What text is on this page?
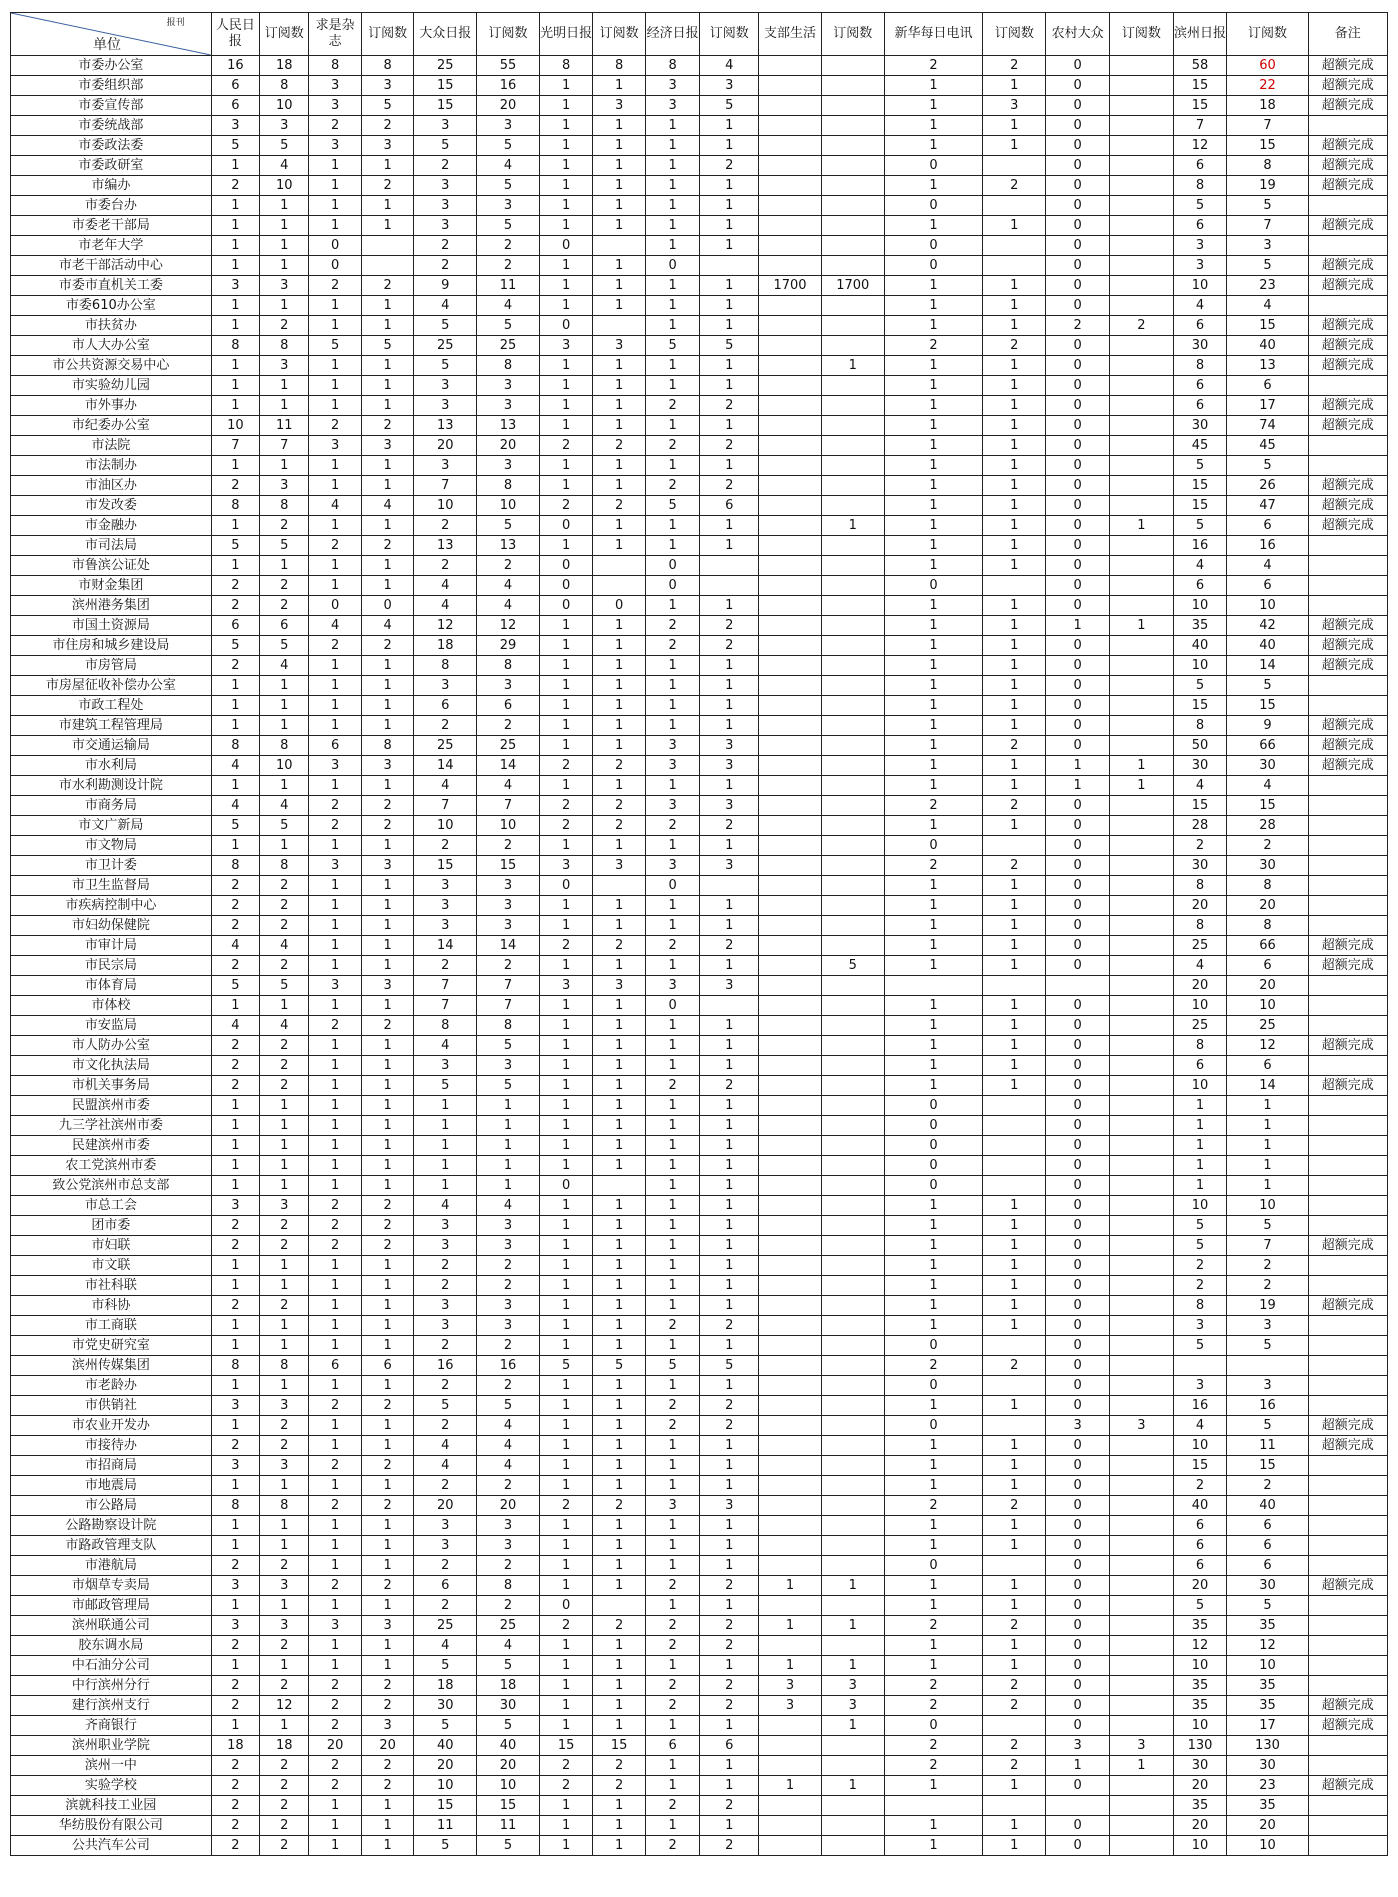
报刊
单位	人民日报	订阅数	求是杂志	订阅数	大众日报	订阅数	光明日报	订阅数	经济日报	订阅数	支部生活	订阅数	新华每日电讯	订阅数	农村大众	订阅数	滨州日报	订阅数	备注
市委办公室	16	18	8	8	25	55	8	8	8	4			2	2	0		58	60	超额完成
市委组织部	6	8	3	3	15	16	1	1	3	3			1	1	0		15	22	超额完成
市委宣传部	6	10	3	5	15	20	1	3	3	5			1	3	0		15	18	超额完成
市委统战部	3	3	2	2	3	3	1	1	1	1			1	1	0		7	7	
市委政法委	5	5	3	3	5	5	1	1	1	1			1	1	0		12	15	超额完成
市委政研室	1	4	1	1	2	4	1	1	1	2			0		0		6	8	超额完成
市编办	2	10	1	2	3	5	1	1	1	1			1	2	0		8	19	超额完成
市委台办	1	1	1	1	3	3	1	1	1	1			0		0		5	5	
市委老干部局	1	1	1	1	3	5	1	1	1	1			1	1	0		6	7	超额完成
市老年大学	1	1	0		2	2	0		1	1			0		0		3	3	
市老干部活动中心	1	1	0		2	2	1	1	0				0		0		3	5	超额完成
市委市直机关工委	3	3	2	2	9	11	1	1	1	1	1700	1700	1	1	0		10	23	超额完成
市委610办公室	1	1	1	1	4	4	1	1	1	1			1	1	0		4	4	
市扶贫办	1	2	1	1	5	5	0		1	1			1	1	2	2	6	15	超额完成
市人大办公室	8	8	5	5	25	25	3	3	5	5			2	2	0		30	40	超额完成
市公共资源交易中心	1	3	1	1	5	8	1	1	1	1		1	1	1	0		8	13	超额完成
市实验幼儿园	1	1	1	1	3	3	1	1	1	1			1	1	0		6	6	
市外事办	1	1	1	1	3	3	1	1	2	2			1	1	0		6	17	超额完成
市纪委办公室	10	11	2	2	13	13	1	1	1	1			1	1	0		30	74	超额完成
市法院	7	7	3	3	20	20	2	2	2	2			1	1	0		45	45	
市法制办	1	1	1	1	3	3	1	1	1	1			1	1	0		5	5	
市油区办	2	3	1	1	7	8	1	1	2	2			1	1	0		15	26	超额完成
市发改委	8	8	4	4	10	10	2	2	5	6			1	1	0		15	47	超额完成
市金融办	1	2	1	1	2	5	0	1	1	1		1	1	1	0	1	5	6	超额完成
市司法局	5	5	2	2	13	13	1	1	1	1			1	1	0		16	16	
市鲁滨公证处	1	1	1	1	2	2	0		0				1	1	0		4	4	
市财金集团	2	2	1	1	4	4	0		0				0		0		6	6	
滨州港务集团	2	2	0	0	4	4	0	0	1	1			1	1	0		10	10	
市国土资源局	6	6	4	4	12	12	1	1	2	2			1	1	1	1	35	42	超额完成
市住房和城乡建设局	5	5	2	2	18	29	1	1	2	2			1	1	0		40	40	超额完成
市房管局	2	4	1	1	8	8	1	1	1	1			1	1	0		10	14	超额完成
市房屋征收补偿办公室	1	1	1	1	3	3	1	1	1	1			1	1	0		5	5	
市政工程处	1	1	1	1	6	6	1	1	1	1			1	1	0		15	15	
市建筑工程管理局	1	1	1	1	2	2	1	1	1	1			1	1	0		8	9	超额完成
市交通运输局	8	8	6	8	25	25	1	1	3	3			1	2	0		50	66	超额完成
市水利局	4	10	3	3	14	14	2	2	3	3			1	1	1	1	30	30	超额完成
市水利勘测设计院	1	1	1	1	4	4	1	1	1	1			1	1	1	1	4	4	
市商务局	4	4	2	2	7	7	2	2	3	3			2	2	0		15	15	
市文广新局	5	5	2	2	10	10	2	2	2	2			1	1	0		28	28	
市文物局	1	1	1	1	2	2	1	1	1	1			0		0		2	2	
市卫计委	8	8	3	3	15	15	3	3	3	3			2	2	0		30	30	
市卫生监督局	2	2	1	1	3	3	0		0				1	1	0		8	8	
市疾病控制中心	2	2	1	1	3	3	1	1	1	1			1	1	0		20	20	
市妇幼保健院	2	2	1	1	3	3	1	1	1	1			1	1	0		8	8	
市审计局	4	4	1	1	14	14	2	2	2	2			1	1	0		25	66	超额完成
市民宗局	2	2	1	1	2	2	1	1	1	1		5	1	1	0		4	6	超额完成
市体育局	5	5	3	3	7	7	3	3	3	3							20	20	
市体校	1	1	1	1	7	7	1	1	0				1	1	0		10	10	
市安监局	4	4	2	2	8	8	1	1	1	1			1	1	0		25	25	
市人防办公室	2	2	1	1	4	5	1	1	1	1			1	1	0		8	12	超额完成
市文化执法局	2	2	1	1	3	3	1	1	1	1			1	1	0		6	6	
市机关事务局	2	2	1	1	5	5	1	1	2	2			1	1	0		10	14	超额完成
民盟滨州市委	1	1	1	1	1	1	1	1	1	1			0		0		1	1	
九三学社滨州市委	1	1	1	1	1	1	1	1	1	1			0		0		1	1	
民建滨州市委	1	1	1	1	1	1	1	1	1	1			0		0		1	1	
农工党滨州市委	1	1	1	1	1	1	1	1	1	1			0		0		1	1	
致公党滨州市总支部	1	1	1	1	1	1	0		1	1			0		0		1	1	
市总工会	3	3	2	2	4	4	1	1	1	1			1	1	0		10	10	
团市委	2	2	2	2	3	3	1	1	1	1			1	1	0		5	5	
市妇联	2	2	2	2	3	3	1	1	1	1			1	1	0		5	7	超额完成
市文联	1	1	1	1	2	2	1	1	1	1			1	1	0		2	2	
市社科联	1	1	1	1	2	2	1	1	1	1			1	1	0		2	2	
市科协	2	2	1	1	3	3	1	1	1	1			1	1	0		8	19	超额完成
市工商联	1	1	1	1	3	3	1	1	2	2			1	1	0		3	3	
市党史研究室	1	1	1	1	2	2	1	1	1	1			0		0		5	5	
滨州传媒集团	8	8	6	6	16	16	5	5	5	5			2	2	0				
市老龄办	1	1	1	1	2	2	1	1	1	1			0		0		3	3	
市供销社	3	3	2	2	5	5	1	1	2	2			1	1	0		16	16	
市农业开发办	1	2	1	1	2	4	1	1	2	2			0		3	3	4	5	超额完成
市接待办	2	2	1	1	4	4	1	1	1	1			1	1	0		10	11	超额完成
市招商局	3	3	2	2	4	4	1	1	1	1			1	1	0		15	15	
市地震局	1	1	1	1	2	2	1	1	1	1			1	1	0		2	2	
市公路局	8	8	2	2	20	20	2	2	3	3			2	2	0		40	40	
公路勘察设计院	1	1	1	1	3	3	1	1	1	1			1	1	0		6	6	
市路政管理支队	1	1	1	1	3	3	1	1	1	1			1	1	0		6	6	
市港航局	2	2	1	1	2	2	1	1	1	1			0		0		6	6	
市烟草专卖局	3	3	2	2	6	8	1	1	2	2	1	1	1	1	0		20	30	超额完成
市邮政管理局	1	1	1	1	2	2	0		1	1			1	1	0		5	5	
滨州联通公司	3	3	3	3	25	25	2	2	2	2	1	1	2	2	0		35	35	
胶东调水局	2	2	1	1	4	4	1	1	2	2			1	1	0		12	12	
中石油分公司	1	1	1	1	5	5	1	1	1	1	1	1	1	1	0		10	10	
中行滨州分行	2	2	2	2	18	18	1	1	2	2	3	3	2	2	0		35	35	
建行滨州支行	2	12	2	2	30	30	1	1	2	2	3	3	2	2	0		35	35	超额完成
齐商银行	1	1	2	3	5	5	1	1	1	1		1	0		0		10	17	超额完成
滨州职业学院	18	18	20	20	40	40	15	15	6	6			2	2	3	3	130	130	
滨州一中	2	2	2	2	20	20	2	2	1	1			2	2	1	1	30	30	
实验学校	2	2	2	2	10	10	2	2	1	1	1	1	1	1	0		20	23	超额完成
滨就科技工业园	2	2	1	1	15	15	1	1	2	2							35	35	
华纺股份有限公司	2	2	1	1	11	11	1	1	1	1			1	1	0		20	20	
公共汽车公司	2	2	1	1	5	5	1	1	2	2			1	1	0		10	10	
